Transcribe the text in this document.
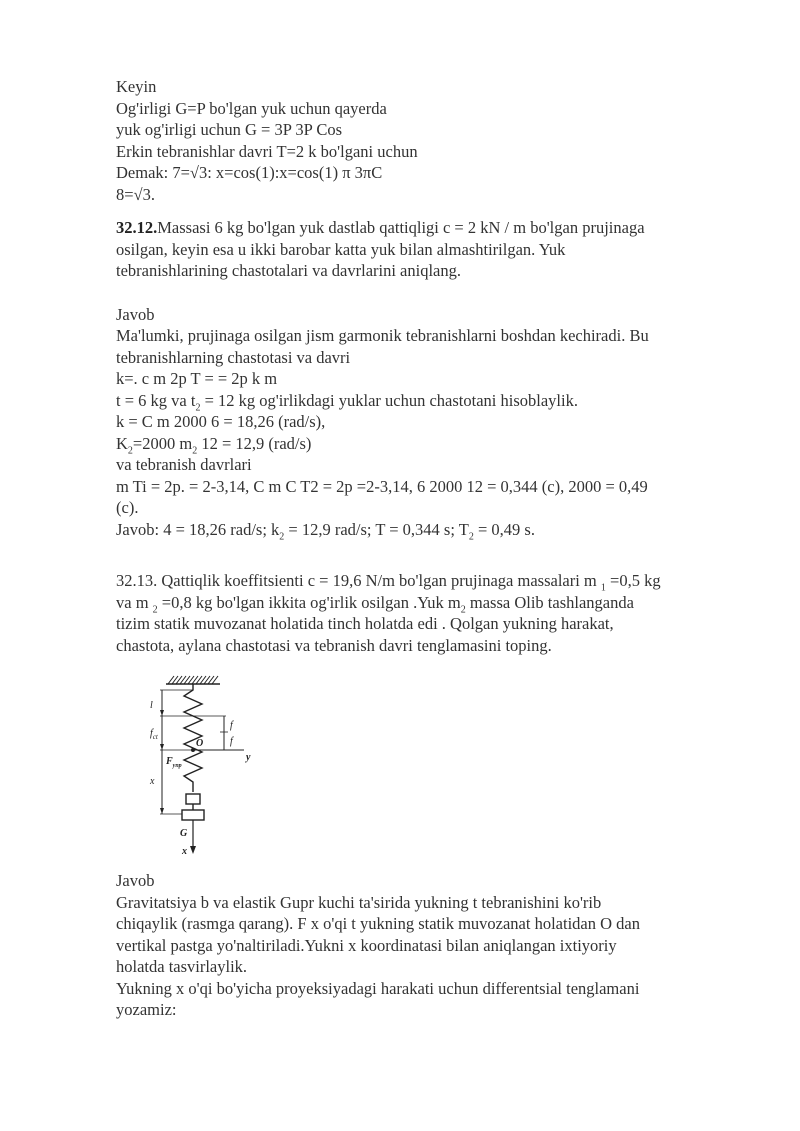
Keyin
Og'irligi G=P bo'lgan yuk uchun qayerda
yuk og'irligi uchun G = 3P 3P Cos
Erkin tebranishlar davri T=2 k bo'lgani uchun
Demak: 7=√3: x=cos(1):x=cos(1) π 3πC
8=√3.
32.12.Massasi 6 kg bo'lgan yuk dastlab qattiqligi c = 2 kN / m bo'lgan prujinaga
osilgan, keyin esa u ikki barobar katta yuk bilan almashtirilgan. Yuk
tebranishlarining chastotalari va davrlarini aniqlang.
Javob
Ma'lumki, prujinaga osilgan jism garmonik tebranishlarni boshdan kechiradi. Bu
tebranishlarning chastotasi va davri
k=. c m 2p T = = 2p k m
t = 6 kg va $t_2 = 12$ kg og'irlikdagi yuklar uchun chastotani hisoblaylik.
k = C m 2000 6 = 18,26 (rad/s),
$K_2=2000$ $m_2$ 12 = 12,9 (rad/s)
va tebranish davrlari
m Ti = 2p. = 2-3,14, C m C T2 = 2p =2-3,14, 6 2000 12 = 0,344 (c), 2000 = 0,49
(c).
Javob: 4 = 18,26 rad/s; $k_2 = 12,9$ rad/s; T = 0,344 s; $T_2 = 0,49$ s.
32.13. Qattiqlik koeffitsienti c = 19,6 N/m bo'lgan prujinaga massalari m $_1$ =0,5 kg
va m $_2$ =0,8 kg bo'lgan ikkita og'irlik osilgan .Yuk $m_2$ massa Olib tashlanganda
tizim statik muvozanat holatida tinch holatda edi . Qolgan yukning harakat,
chastota, aylana chastotasi va tebranish davri tenglamasini toping.
l
$f_{ct}$
f
f
x
O
$F_{упр}$
y
G
x
Javob
Gravitatsiya b va elastik Gupr kuchi ta'sirida yukning t tebranishini ko'rib
chiqaylik (rasmga qarang). F x o'qi t yukning statik muvozanat holatidan O dan
vertikal pastga yo'naltiriladi.Yukni x koordinatasi bilan aniqlangan ixtiyoriy
holatda tasvirlaylik.
Yukning x o'qi bo'yicha proyeksiyadagi harakati uchun differentsial tenglamani
yozamiz:
